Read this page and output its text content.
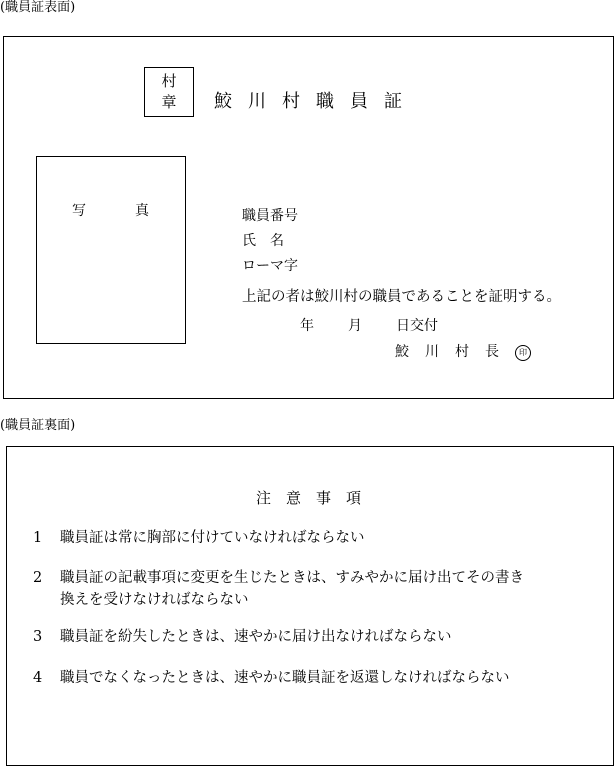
(職員証表面)
村
章 鮫川村職員証
写	真	職員番号
氏　名
ローマ字
上記の者は鮫川村の職員であることを証明する。
年 月 日交付
鮫川村長 印
(職員証裏面)
注意事項
1 職員証は常に胸部に付けていなければならない
2 職員証の記載事項に変更を生じたときは、すみやかに届け出てその書き
換えを受けなければならない
3 職員証を紛失したときは、速やかに届け出なければならない
4 職員でなくなったときは、速やかに職員証を返還しなければならない
